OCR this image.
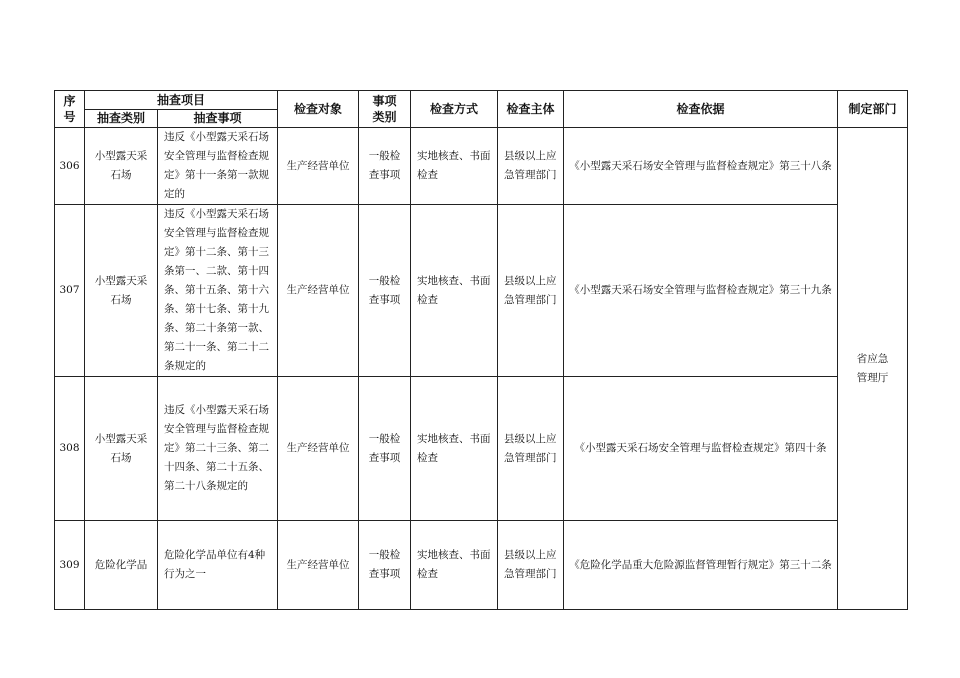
序号	抽查项目		检查对象	事项类别	检查方式	检查主体	检查依据	制定部门
	抽查类别	抽查事项						
306	小型露天采石场	违反《小型露天采石场安全管理与监督检查规定》第十一条第一款规定的	生产经营单位	一般检查事项	实地核查、书面检查	县级以上应急管理部门	《小型露天采石场安全管理与监督检查规定》第三十八条	省应急管理厅
307	小型露天采石场	违反《小型露天采石场安全管理与监督检查规定》第十二条、第十三条第一、二款、第十四条、第十五条、第十六条、第十七条、第十九条、第二十条第一款、第二十一条、第二十二条规定的	生产经营单位	一般检查事项	实地核查、书面检查	县级以上应急管理部门	《小型露天采石场安全管理与监督检查规定》第三十九条	
308	小型露天采石场	违反《小型露天采石场安全管理与监督检查规定》第二十三条、第二十四条、第二十五条、第二十八条规定的	生产经营单位	一般检查事项	实地核查、书面检查	县级以上应急管理部门	《小型露天采石场安全管理与监督检查规定》第四十条	
309	危险化学品	危险化学品单位有4种行为之一	生产经营单位	一般检查事项	实地核查、书面检查	县级以上应急管理部门	《危险化学品重大危险源监督管理暂行规定》第三十二条	
